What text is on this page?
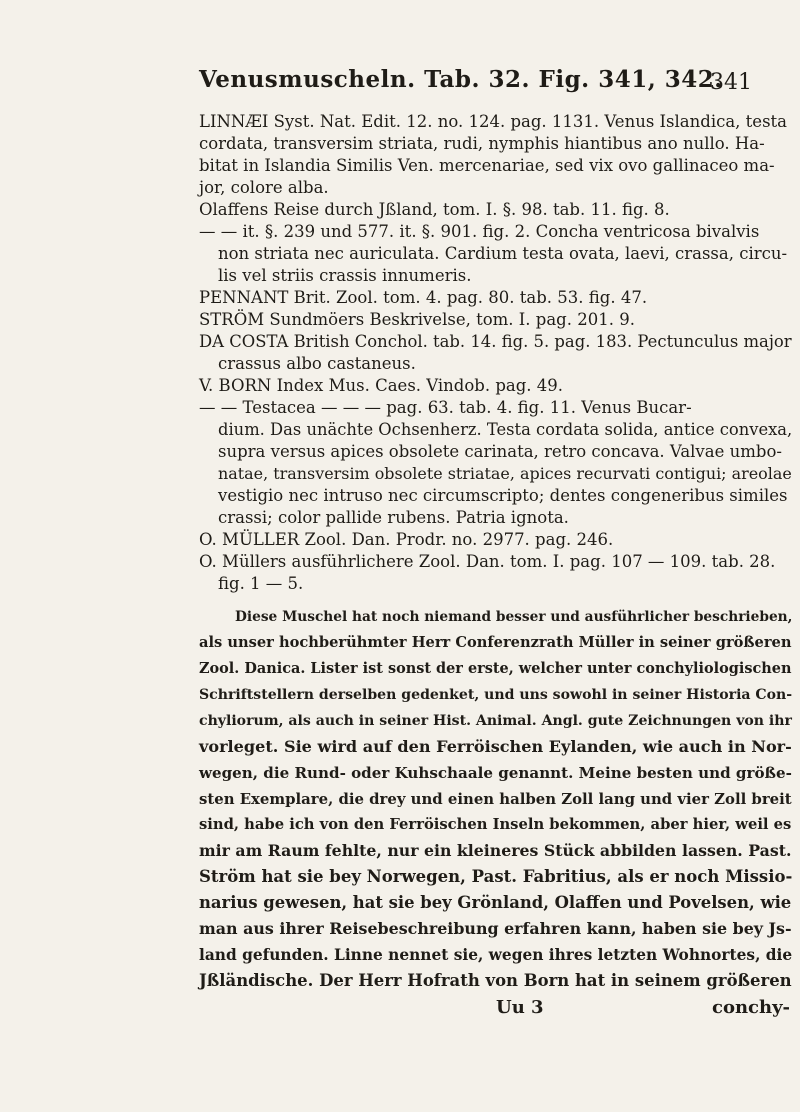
Venusmuscheln. Tab. 32. Fig. 341, 342.
341
LINNÆI Syst. Nat. Edit. 12. no. 124. pag. 1131. Venus Islandica, testa
cordata, transversim striata, rudi, nymphis hiantibus ano nullo. Ha-
bitat in Islandia Similis Ven. mercenariae, sed vix ovo gallinaceo ma-
jor, colore alba.
Olaffens Reise durch Jßland, tom. I. §. 98. tab. 11. fig. 8.
— — it. §. 239 und 577. it. §. 901. fig. 2. Concha ventricosa bivalvis
non striata nec auriculata. Cardium testa ovata, laevi, crassa, circu-
lis vel striis crassis innumeris.
PENNANT Brit. Zool. tom. 4. pag. 80. tab. 53. fig. 47.
STRÖM Sundmöers Beskrivelse, tom. I. pag. 201. 9.
DA COSTA British Conchol. tab. 14. fig. 5. pag. 183. Pectunculus major
crassus albo castaneus.
V. BORN Index Mus. Caes. Vindob. pag. 49.
— — Testacea — — — pag. 63. tab. 4. fig. 11. Venus Bucar-
dium. Das unächte Ochsenherz. Testa cordata solida, antice convexa,
supra versus apices obsolete carinata, retro concava. Valvae umbo-
natae, transversim obsolete striatae, apices recurvati contigui; areolae
vestigio nec intruso nec circumscripto; dentes congeneribus similes
crassi; color pallide rubens. Patria ignota.
O. MÜLLER Zool. Dan. Prodr. no. 2977. pag. 246.
O. Müllers ausführlichere Zool. Dan. tom. I. pag. 107 — 109. tab. 28.
fig. 1 — 5.
Diese Muschel hat noch niemand besser und ausführlicher beschrieben,
als unser hochberühmter Herr Conferenzrath Müller in seiner größeren
Zool. Danica. Lister ist sonst der erste, welcher unter conchyliologischen
Schriftstellern derselben gedenket, und uns sowohl in seiner Historia Con-
chyliorum, als auch in seiner Hist. Animal. Angl. gute Zeichnungen von ihr
vorleget. Sie wird auf den Ferröischen Eylanden, wie auch in Nor-
wegen, die Rund- oder Kuhschaale genannt. Meine besten und größe-
sten Exemplare, die drey und einen halben Zoll lang und vier Zoll breit
sind, habe ich von den Ferröischen Inseln bekommen, aber hier, weil es
mir am Raum fehlte, nur ein kleineres Stück abbilden lassen. Past.
Ström hat sie bey Norwegen, Past. Fabritius, als er noch Missio-
narius gewesen, hat sie bey Grönland, Olaffen und Povelsen, wie
man aus ihrer Reisebeschreibung erfahren kann, haben sie bey Js-
land gefunden. Linne nennet sie, wegen ihres letzten Wohnortes, die
Jßländische. Der Herr Hofrath von Born hat in seinem größeren
Uu 3	conchy-
